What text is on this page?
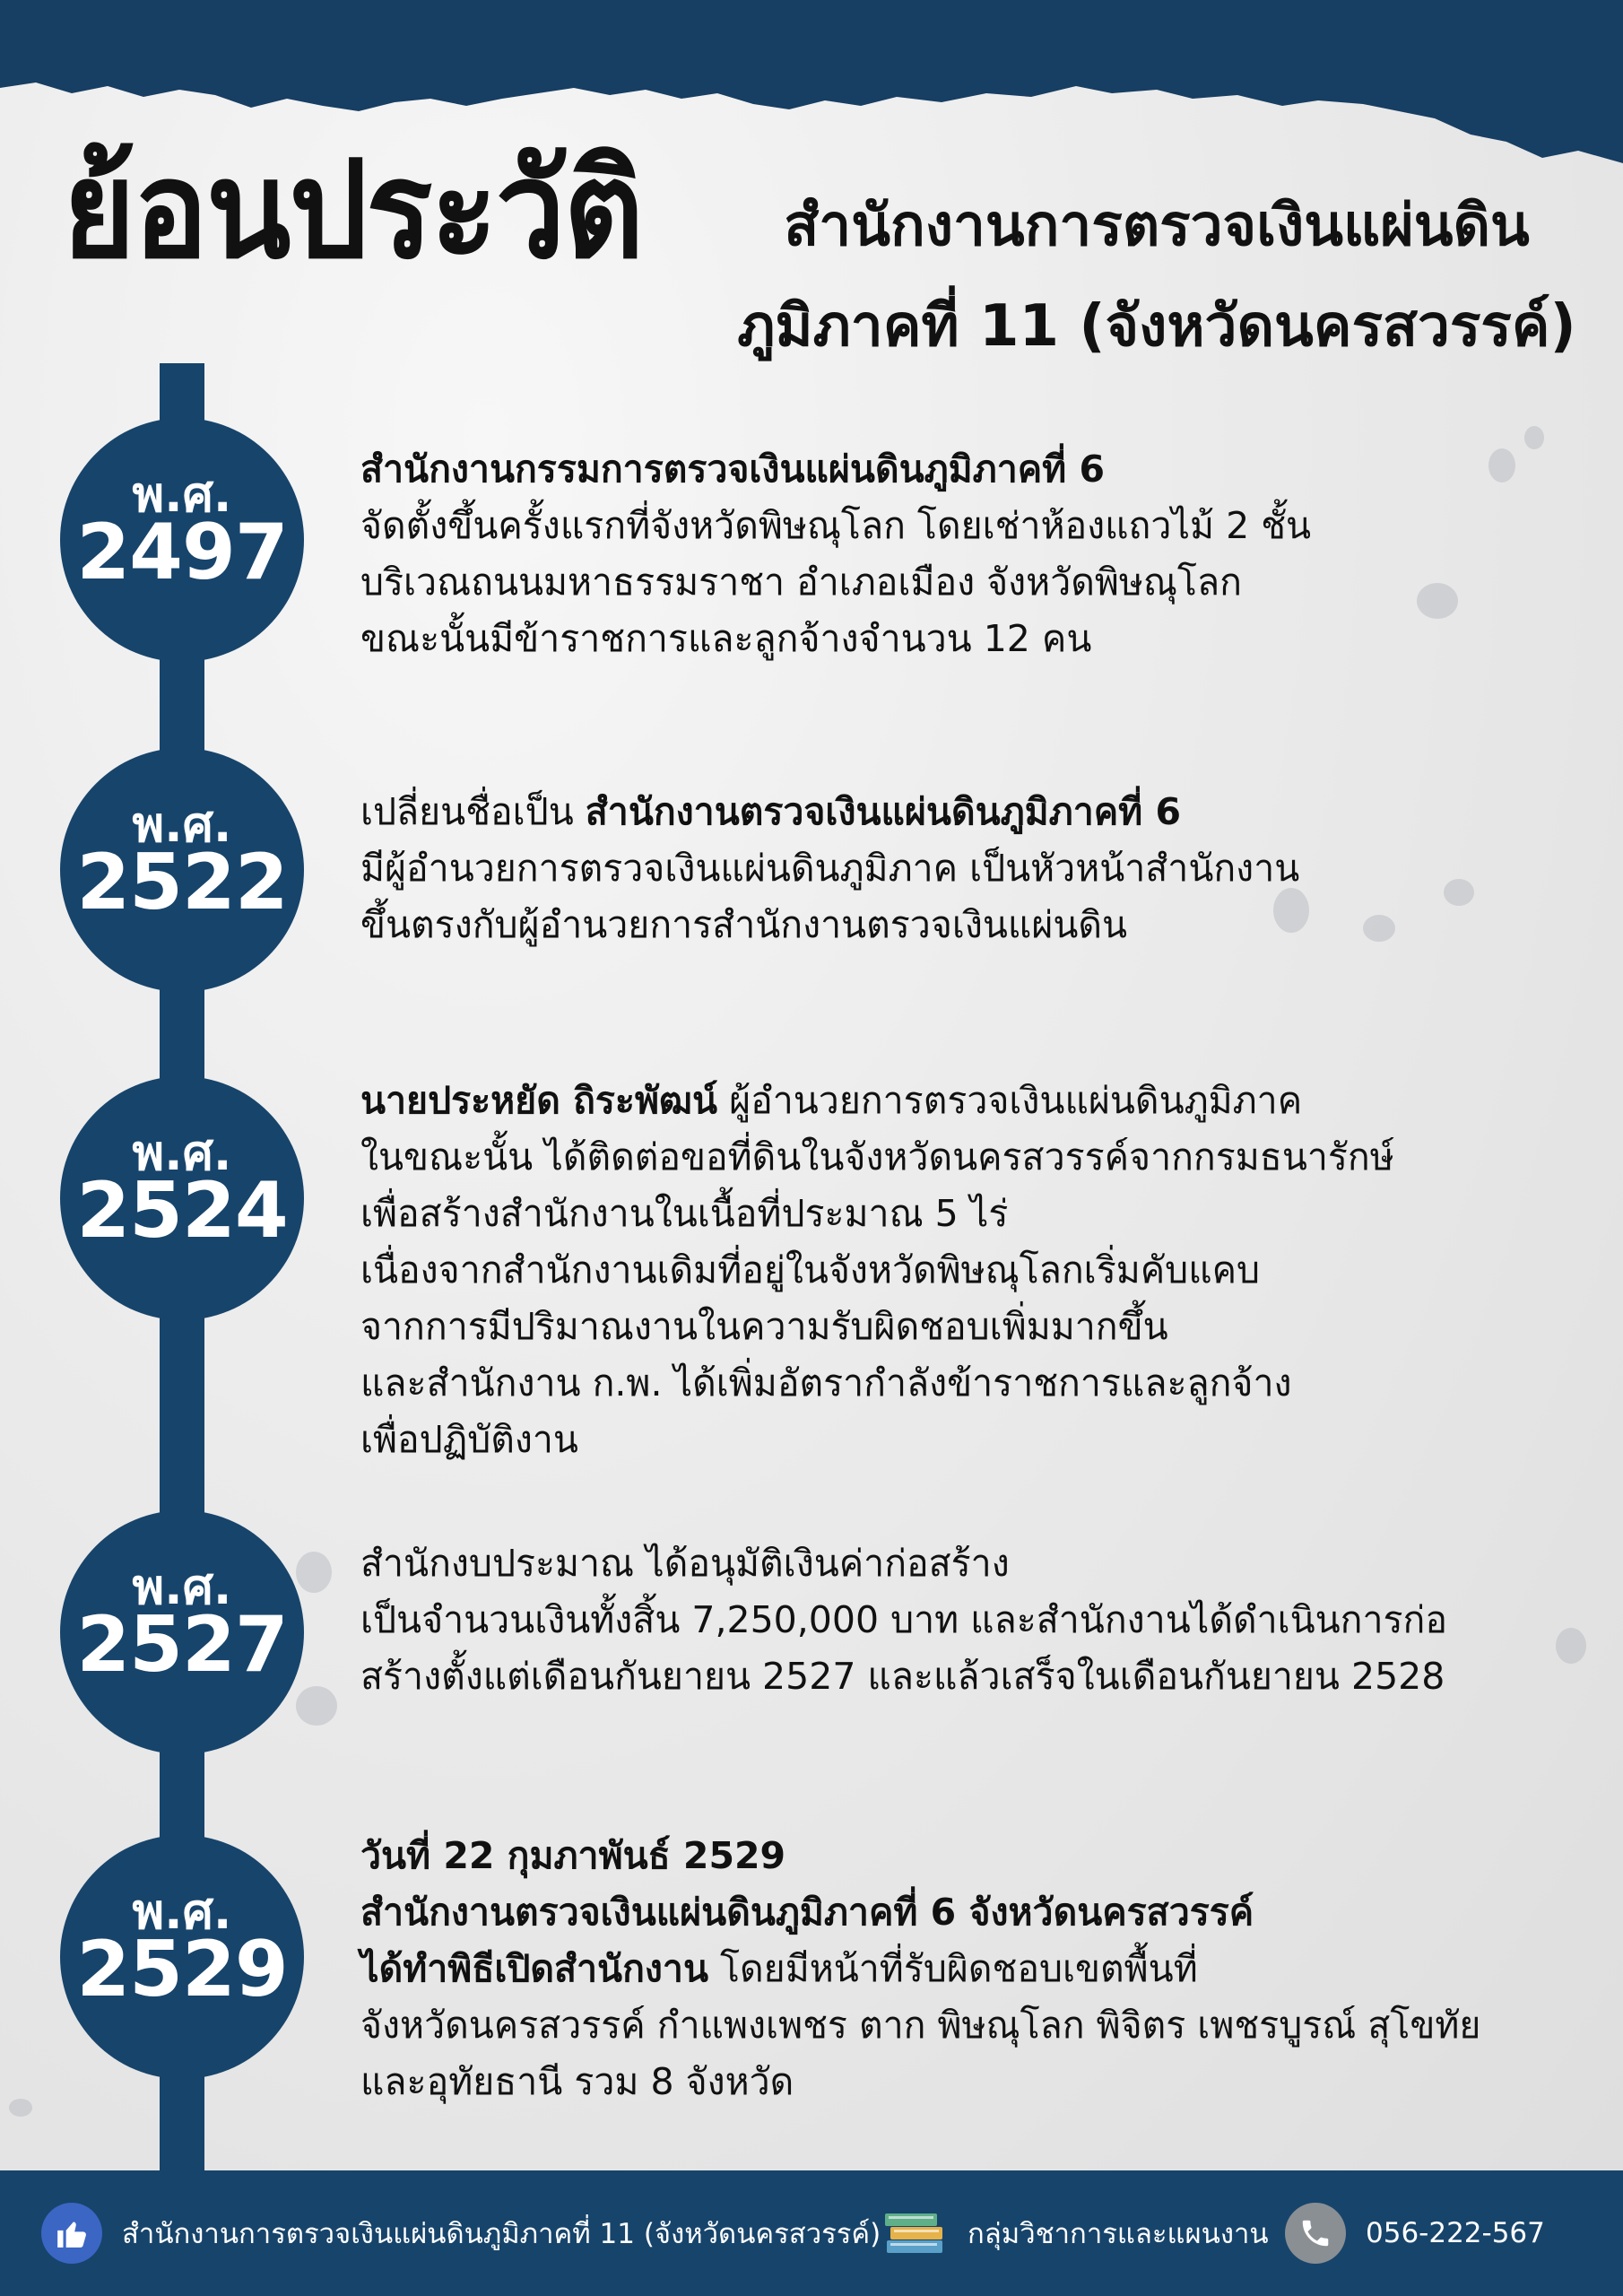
ย้อนประวัติ	สำนักงานการตรวจเงินแผ่นดิน
ภูมิภาคที่ 11 (จังหวัดนครสวรรค์)
พ.ศ.
2497
สำนักงานกรรมการตรวจเงินแผ่นดินภูมิภาคที่ 6
จัดตั้งขึ้นครั้งแรกที่จังหวัดพิษณุโลก โดยเช่าห้องแถวไม้ 2 ชั้น
บริเวณถนนมหาธรรมราชา อำเภอเมือง จังหวัดพิษณุโลก
ขณะนั้นมีข้าราชการและลูกจ้างจำนวน 12 คน
พ.ศ.
2522
เปลี่ยนชื่อเป็น สำนักงานตรวจเงินแผ่นดินภูมิภาคที่ 6
มีผู้อำนวยการตรวจเงินแผ่นดินภูมิภาค เป็นหัวหน้าสำนักงาน
ขึ้นตรงกับผู้อำนวยการสำนักงานตรวจเงินแผ่นดิน
พ.ศ.
2524
นายประหยัด ถิระพัฒน์ ผู้อำนวยการตรวจเงินแผ่นดินภูมิภาค
ในขณะนั้น ได้ติดต่อขอที่ดินในจังหวัดนครสวรรค์จากกรมธนารักษ์
เพื่อสร้างสำนักงานในเนื้อที่ประมาณ 5 ไร่
เนื่องจากสำนักงานเดิมที่อยู่ในจังหวัดพิษณุโลกเริ่มคับแคบ
จากการมีปริมาณงานในความรับผิดชอบเพิ่มมากขึ้น
และสำนักงาน ก.พ. ได้เพิ่มอัตรากำลังข้าราชการและลูกจ้าง
เพื่อปฏิบัติงาน
พ.ศ.
2527
สำนักงบประมาณ ได้อนุมัติเงินค่าก่อสร้าง
เป็นจำนวนเงินทั้งสิ้น 7,250,000 บาท และสำนักงานได้ดำเนินการก่อ
สร้างตั้งแต่เดือนกันยายน 2527 และแล้วเสร็จในเดือนกันยายน 2528
พ.ศ.
2529
วันที่ 22 กุมภาพันธ์ 2529
สำนักงานตรวจเงินแผ่นดินภูมิภาคที่ 6 จังหวัดนครสวรรค์
ได้ทำพิธีเปิดสำนักงาน โดยมีหน้าที่รับผิดชอบเขตพื้นที่
จังหวัดนครสวรรค์ กำแพงเพชร ตาก พิษณุโลก พิจิตร เพชรบูรณ์ สุโขทัย
และอุทัยธานี รวม 8 จังหวัด
สำนักงานการตรวจเงินแผ่นดินภูมิภาคที่ 11 (จังหวัดนครสวรรค์)	กลุ่มวิชาการและแผนงาน	056-222-567
